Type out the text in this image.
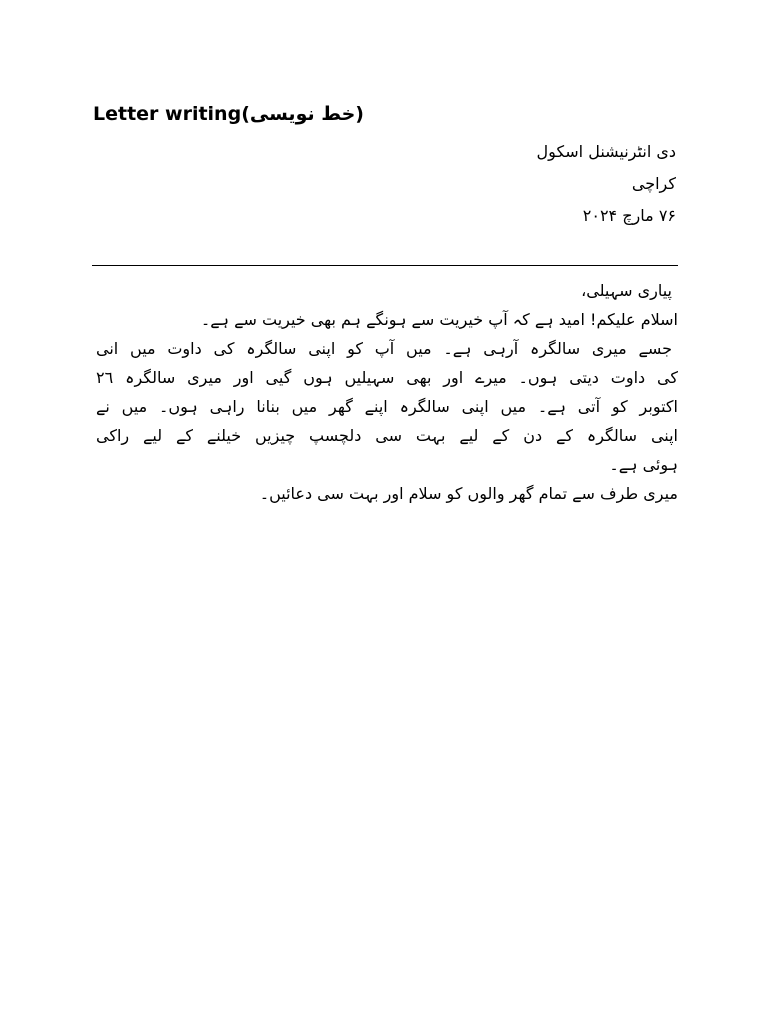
Letter writing(خط نویسی)
دی انٹرنیشنل اسکول
کراچی
۷۶ مارچ ۲۰۲۴
پیاری سہیلی،
اسلام علیکم! امید ہے کہ آپ خیریت سے ہونگے ہم بھی خیریت سے ہے۔
جسے میری سالگرہ آرہی ہے۔ میں آپ کو اپنی سالگرہ کی داوت میں انی
کی داوت دیتی ہوں۔ میرے اور بھی سہیلیں ہوں گیی اور میری سالگرہ ٢٦
اکتوبر کو آتی ہے۔ میں اپنی سالگرہ اپنے گھر میں بنانا راہی ہوں۔ میں نے
اپنی سالگرہ کے دن کے لیے بہت سی دلچسپ چیزیں خیلنے کے لیے راکی
ہوئی ہے۔
میری طرف سے تمام گھر والوں کو سلام اور بہت سی دعائیں۔
